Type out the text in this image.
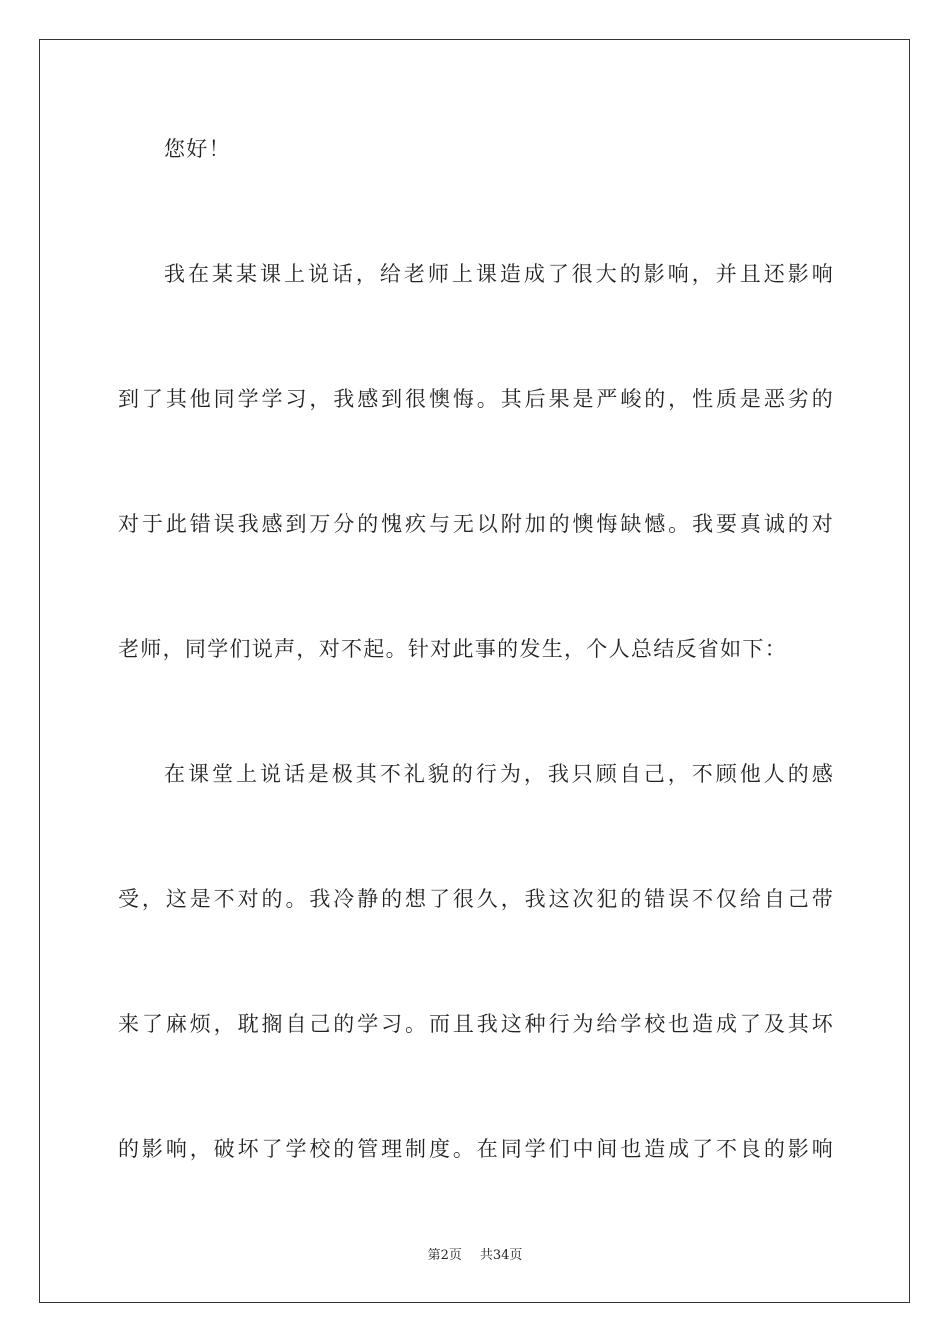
您好！
我在某某课上说话，给老师上课造成了很大的影响，并且还影响
到了其他同学学习，我感到很懊悔。其后果是严峻的，性质是恶劣的
对于此错误我感到万分的愧疚与无以附加的懊悔缺憾。我要真诚的对
老师，同学们说声，对不起。针对此事的发生，个人总结反省如下：
在课堂上说话是极其不礼貌的行为，我只顾自己，不顾他人的感
受，这是不对的。我冷静的想了很久，我这次犯的错误不仅给自己带
来了麻烦，耽搁自己的学习。而且我这种行为给学校也造成了及其坏
的影响，破坏了学校的管理制度。在同学们中间也造成了不良的影响
第2页 共34页
